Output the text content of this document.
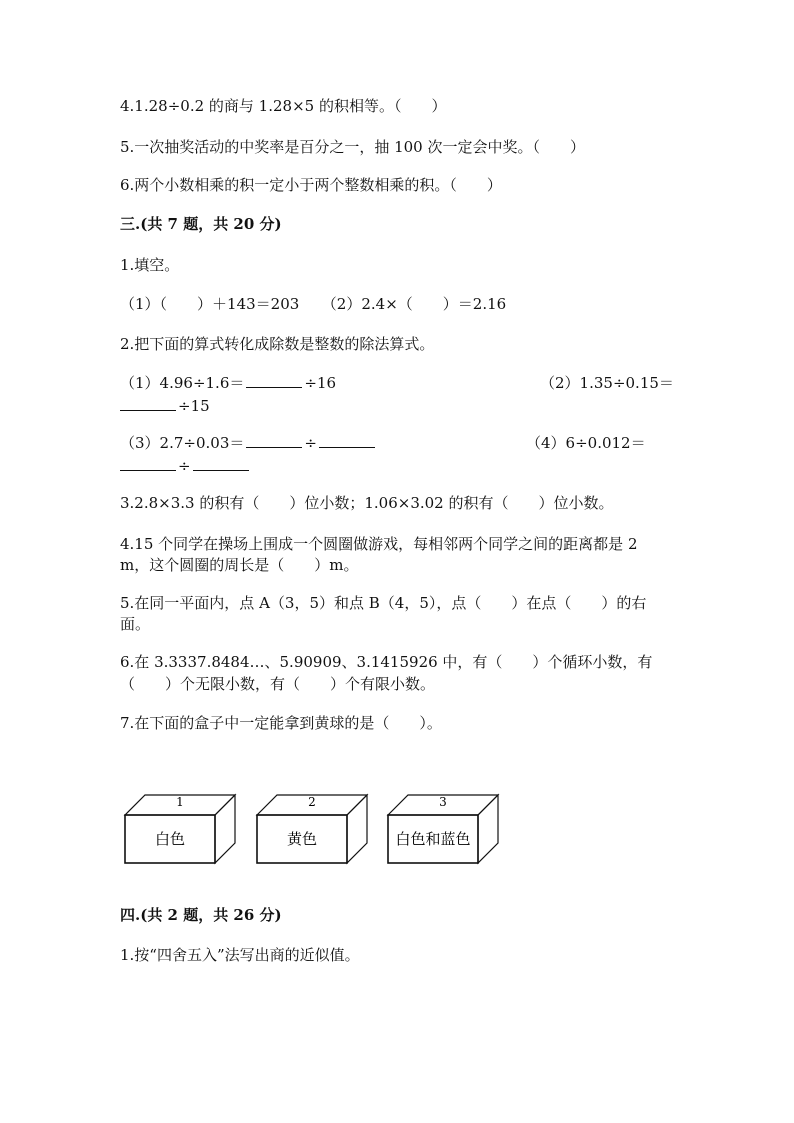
4.1.28÷0.2 的商与 1.28×5 的积相等。（　　）
5.一次抽奖活动的中奖率是百分之一，抽 100 次一定会中奖。（　　）
6.两个小数相乘的积一定小于两个整数相乘的积。（　　）
三.(共 7 题，共 20 分)
1.填空。
（1）（　　）＋143＝203　　（2）2.4×（　　）＝2.16
2.把下面的算式转化成除数是整数的除法算式。
（1）4.96÷1.6＝	÷16	（2）1.35÷0.15＝
÷15
（3）2.7÷0.03＝	÷	（4）6÷0.012＝
÷
3.2.8×3.3 的积有（　　）位小数；1.06×3.02 的积有（　　）位小数。
4.15 个同学在操场上围成一个圆圈做游戏，每相邻两个同学之间的距离都是 2
m，这个圆圈的周长是（　　）m。
5.在同一平面内，点 A（3，5）和点 B（4，5），点（　　）在点（　　）的右
面。
6.在 3.3337.8484…、5.90909、3.1415926 中，有（　　）个循环小数，有
（　　）个无限小数，有（　　）个有限小数。
7.在下面的盒子中一定能拿到黄球的是（　　）。
1
白色
2
黄色
3
白色和蓝色
四.(共 2 题，共 26 分)
1.按“四舍五入”法写出商的近似值。
